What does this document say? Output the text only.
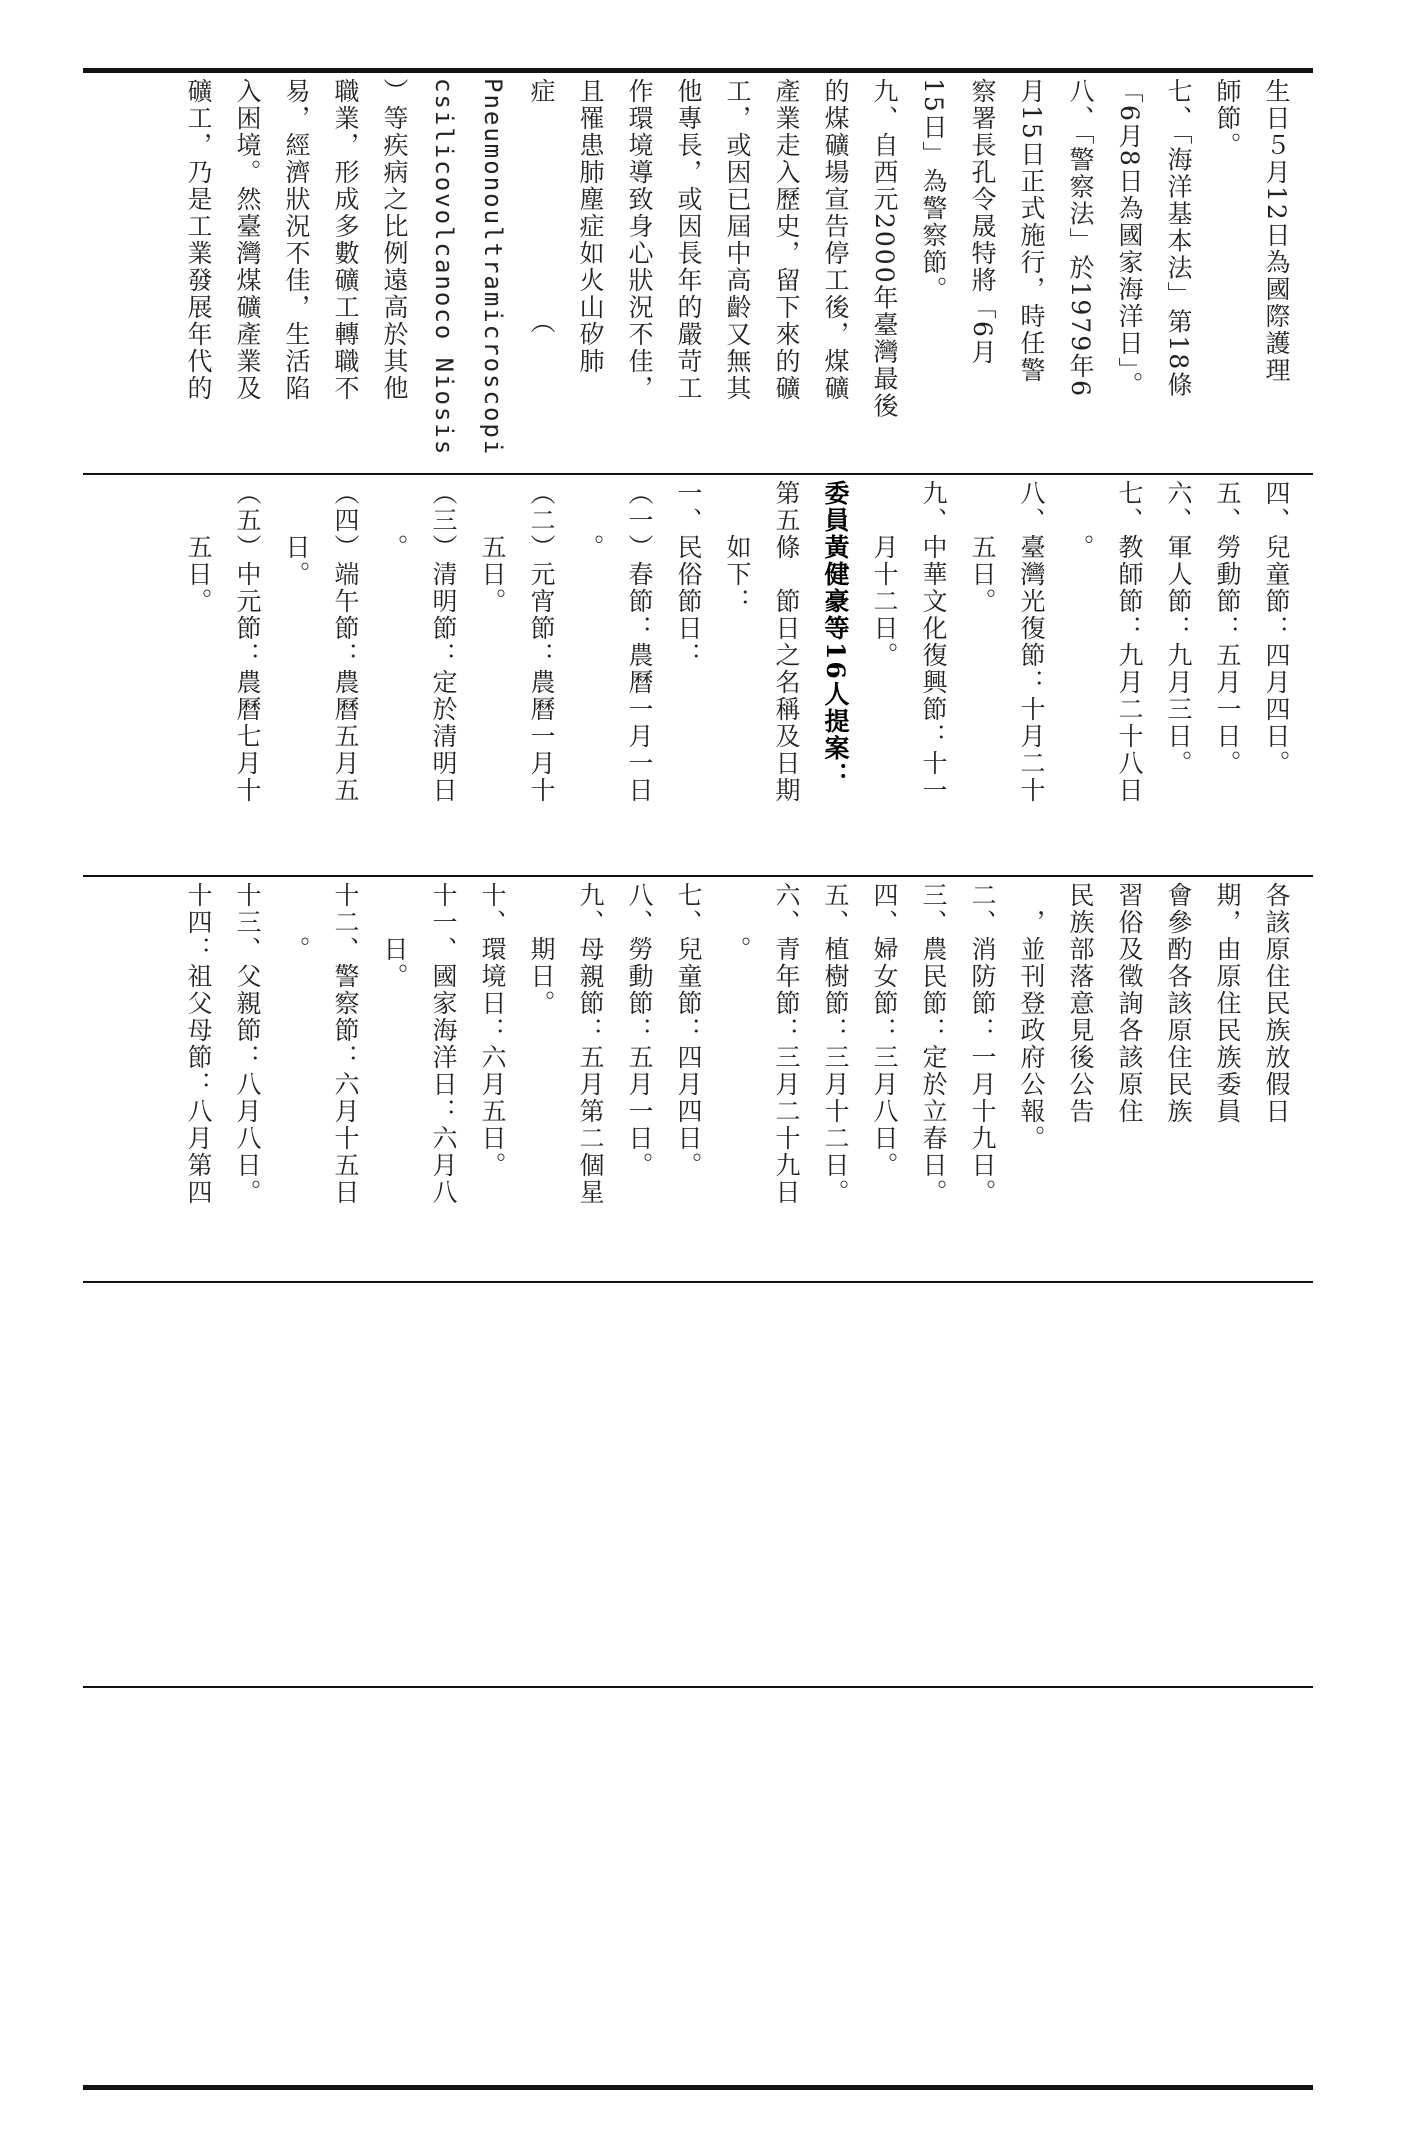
生日５月12日為國際護理
師節。
七、「海洋基本法」第18條
「6月8日為國家海洋日」。
八、「警察法」於1979年6
月15日正式施行，時任警
察署長孔令晟特將「6月
15日」為警察節。
九、自西元2000年臺灣最後
的煤礦場宣告停工後，煤礦
產業走入歷史，留下來的礦
工，或因已屆中高齡又無其
他專長，或因長年的嚴苛工
作環境導致身心狀況不佳，
且罹患肺塵症如火山矽肺
症　　　　　　　　（
Pneumonoultramicroscopi
csilicovolcanoco Niosis
）等疾病之比例遠高於其他
職業，形成多數礦工轉職不
易，經濟狀況不佳，生活陷
入困境。然臺灣煤礦產業及
礦工，乃是工業發展年代的
四、兒童節：四月四日。
五、勞動節：五月一日。
六、軍人節：九月三日。
七、教師節：九月二十八日
　　。
八、臺灣光復節：十月二十
　　五日。
九、中華文化復興節：十一
　　月十二日。
委員黃健豪等16人提案：
第五條　節日之名稱及日期
　　如下：
一、民俗節日：
（一）春節：農曆一月一日
　　。
（二）元宵節：農曆一月十
　　五日。
（三）清明節：定於清明日
　　。
（四）端午節：農曆五月五
　　日。
（五）中元節：農曆七月十
　　五日。
各該原住民族放假日
期，由原住民族委員
會參酌各該原住民族
習俗及徵詢各該原住
民族部落意見後公告
　，並刊登政府公報。
二、消防節：一月十九日。
三、農民節：定於立春日。
四、婦女節：三月八日。
五、植樹節：三月十二日。
六、青年節：三月二十九日
　　。
七、兒童節：四月四日。
八、勞動節：五月一日。
九、母親節：五月第二個星
　　期日。
十、環境日：六月五日。
十一、國家海洋日：六月八
　　日。
十二、警察節：六月十五日
　　。
十三、父親節：八月八日。
十四：祖父母節：八月第四
